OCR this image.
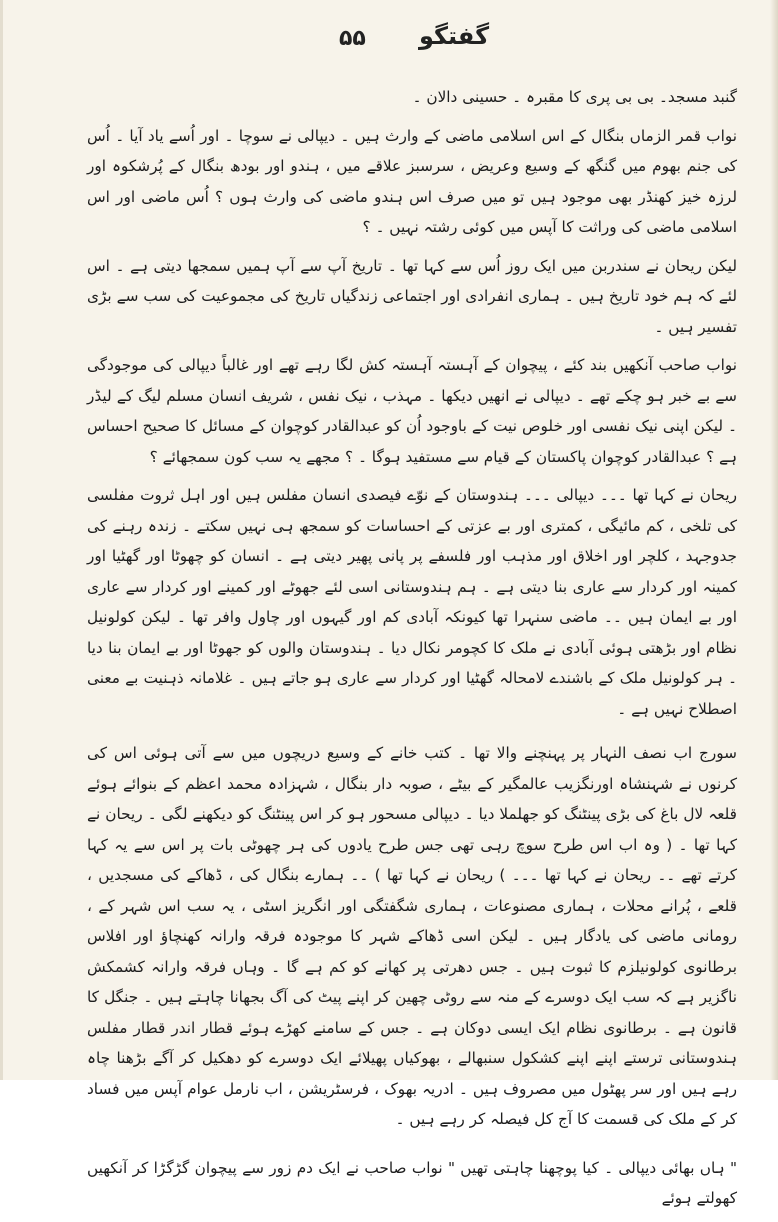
۵۵ گفتگو

گنبد مسجد۔ بی بی پری کا مقبرہ ۔ حسینی دالان ۔

نواب قمر الزماں بنگال کے اس اسلامی ماضی کے وارث ہیں ۔ دیپالی نے سوچا ۔ اور اُسے یاد آیا ۔ اُس کی جنم بھوم میں گنگھ کے وسیع وعریض ، سرسبز علاقے میں ، ہندو اور بودھ بنگال کے پُرشکوہ اور لرزہ خیز کھنڈر بھی موجود ہیں تو میں صرف اس ہندو ماضی کی وارث ہوں ؟ اُس ماضی اور اس اسلامی ماضی کی وراثت کا آپس میں کوئی رشتہ نہیں ۔ ؟

لیکن ریحان نے سندربن میں ایک روز اُس سے کہا تھا ۔ تاریخ آپ سے آپ ہمیں سمجھا دیتی ہے ۔ اس لئے کہ ہم خود تاریخ ہیں ۔ ہماری انفرادی اور اجتماعی زندگیاں تاریخ کی مجموعیت کی سب سے بڑی تفسیر ہیں ۔

نواب صاحب آنکھیں بند کئے ، پیچوان کے آہستہ آہستہ کش لگا رہے تھے اور غالباً دیپالی کی موجودگی سے بے خبر ہو چکے تھے ۔ دیپالی نے انھیں دیکھا ۔ مہذب ، نیک نفس ، شریف انسان مسلم لیگ کے لیڈر ۔ لیکن اپنی نیک نفسی اور خلوص نیت کے باوجود اُن کو عبدالقادر کوچوان کے مسائل کا صحیح احساس ہے ؟ عبدالقادر کوچوان پاکستان کے قیام سے مستفید ہوگا ۔ ؟ مجھے یہ سب کون سمجھائے ؟

ریحان نے کہا تھا ۔۔۔ دیپالی ۔۔۔ ہندوستان کے نوّے فیصدی انسان مفلس ہیں اور اہل ثروت مفلسی کی تلخی ، کم مائیگی ، کمتری اور بے عزتی کے احساسات کو سمجھ ہی نہیں سکتے ۔ زندہ رہنے کی جدوجہد ، کلچر اور اخلاق اور مذہب اور فلسفے پر پانی پھیر دیتی ہے ۔ انسان کو چھوٹا اور گھٹیا اور کمینہ اور کردار سے عاری بنا دیتی ہے ۔ ہم ہندوستانی اسی لئے جھوٹے اور کمینے اور کردار سے عاری اور بے ایمان ہیں ۔۔ ماضی سنہرا تھا کیونکہ آبادی کم اور گیہوں اور چاول وافر تھا ۔ لیکن کولونیل نظام اور بڑھتی ہوئی آبادی نے ملک کا کچومر نکال دیا ۔ ہندوستان والوں کو جھوٹا اور بے ایمان بنا دیا ۔ ہر کولونیل ملک کے باشندے لامحالہ گھٹیا اور کردار سے عاری ہو جاتے ہیں ۔ غلامانہ ذہنیت بے معنی اصطلاح نہیں ہے ۔

سورج اب نصف النہار پر پہنچنے والا تھا ۔ کتب خانے کے وسیع دریچوں میں سے آتی ہوئی اس کی کرنوں نے شہنشاہ اورنگزیب عالمگیر کے بیٹے ، صوبہ دار بنگال ، شہزادہ محمد اعظم کے بنوائے ہوئے قلعہ لال باغ کی بڑی پینٹنگ کو جھلملا دیا ۔ دیپالی مسحور ہو کر اس پینٹنگ کو دیکھنے لگی ۔ ریحان نے کہا تھا ۔ ( وہ اب اس طرح سوچ رہی تھی جس طرح یادوں کی ہر چھوٹی بات پر اس سے یہ کہا کرتے تھے ۔۔ ریحان نے کہا تھا ۔۔۔ ) ریحان نے کہا تھا ) ۔۔ ہمارے بنگال کی ، ڈھاکے کی مسجدیں ، قلعے ، پُرانے محلات ، ہماری مصنوعات ، ہماری شگفتگی اور انگریز اسٹی ، یہ سب اس شہر کے ، رومانی ماضی کی یادگار ہیں ۔ لیکن اسی ڈھاکے شہر کا موجودہ فرقہ وارانہ کھنچاؤ اور افلاس برطانوی کولونیلزم کا ثبوت ہیں ۔ جس دھرتی پر کھانے کو کم ہے گا ۔ وہاں فرقہ وارانہ کشمکش ناگزیر ہے کہ سب ایک دوسرے کے منہ سے روٹی چھین کر اپنے پیٹ کی آگ بجھانا چاہتے ہیں ۔ جنگل کا قانون ہے ۔ برطانوی نظام ایک ایسی دوکان ہے ۔ جس کے سامنے کھڑے ہوئے قطار اندر قطار مفلس ہندوستانی ترستے اپنے اپنے کشکول سنبھالے ، بھوکیاں پھیلائے ایک دوسرے کو دھکیل کر آگے بڑھنا چاہ رہے ہیں اور سر پھٹول میں مصروف ہیں ۔ ادریہ بھوک ، فرسٹریشن ، اب نارمل عوام آپس میں فساد کر کے ملک کی قسمت کا آج کل فیصلہ کر رہے ہیں ۔

" ہاں بھائی دیپالی ۔ کیا پوچھنا چاہتی تھیں " نواب صاحب نے ایک دم زور سے پیچوان گڑگڑا کر آنکھیں کھولتے ہوئے
